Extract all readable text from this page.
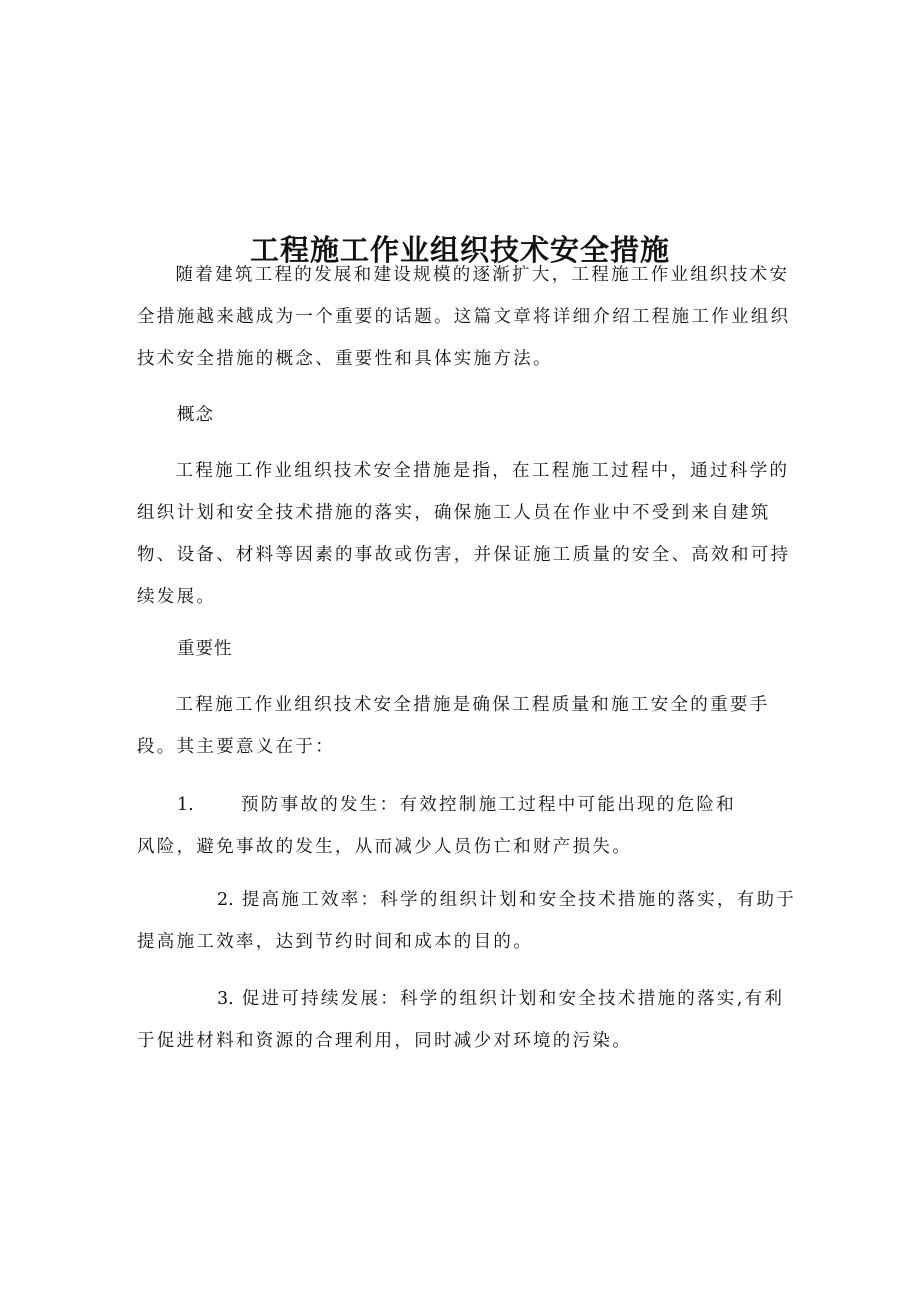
工程施工作业组织技术安全措施

随着建筑工程的发展和建设规模的逐渐扩大，工程施工作业组织技术安全措施越来越成为一个重要的话题。这篇文章将详细介绍工程施工作业组织技术安全措施的概念、重要性和具体实施方法。

概念

工程施工作业组织技术安全措施是指，在工程施工过程中，通过科学的组织计划和安全技术措施的落实，确保施工人员在作业中不受到来自建筑物、设备、材料等因素的事故或伤害，并保证施工质量的安全、高效和可持续发展。

重要性

工程施工作业组织技术安全措施是确保工程质量和施工安全的重要手段。其主要意义在于：

1.	预防事故的发生：有效控制施工过程中可能出现的危险和
风险，避免事故的发生，从而减少人员伤亡和财产损失。
2. 提高施工效率：科学的组织计划和安全技术措施的落实，有助于提高施工效率，达到节约时间和成本的目的。
3. 促进可持续发展：科学的组织计划和安全技术措施的落实,有利于促进材料和资源的合理利用，同时减少对环境的污染。
